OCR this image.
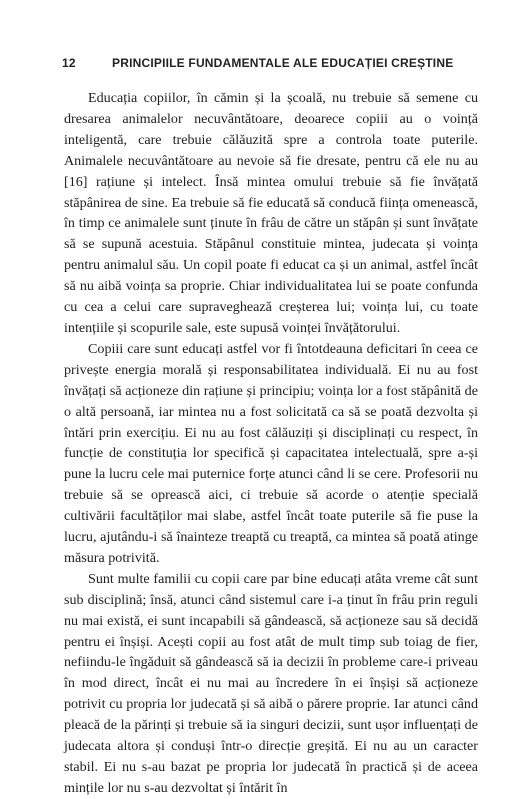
12	PRINCIPIILE FUNDAMENTALE ALE EDUCAȚIEI CREȘTINE

Educația copiilor, în cămin și la școală, nu trebuie să semene cu dresarea animalelor necuvântătoare, deoarece copiii au o voință inteligentă, care trebuie călăuzită spre a controla toate puterile. Animalele necuvântătoare au nevoie să fie dresate, pentru că ele nu au [16] rațiune și intelect. Însă mintea omului trebuie să fie învățată stăpânirea de sine. Ea trebuie să fie educată să conducă ființa omenească, în timp ce animalele sunt ținute în frâu de către un stăpân și sunt învățate să se supună acestuia. Stăpânul constituie mintea, judecata și voința pentru animalul său. Un copil poate fi educat ca și un animal, astfel încât să nu aibă voința sa proprie. Chiar individualitatea lui se poate confunda cu cea a celui care supraveghează creșterea lui; voința lui, cu toate intențiile și scopurile sale, este supusă voinței învățătorului.

Copiii care sunt educați astfel vor fi întotdeauna deficitari în ceea ce privește energia morală și responsabilitatea individuală. Ei nu au fost învățați să acționeze din rațiune și principiu; voința lor a fost stăpânită de o altă persoană, iar mintea nu a fost solicitată ca să se poată dezvolta și întări prin exercițiu. Ei nu au fost călăuziți și disciplinați cu respect, în funcție de constituția lor specifică și capacitatea intelectuală, spre a-și pune la lucru cele mai puternice forțe atunci când li se cere. Profesorii nu trebuie să se oprească aici, ci trebuie să acorde o atenție specială cultivării facultăților mai slabe, astfel încât toate puterile să fie puse la lucru, ajutându-i să înainteze treaptă cu treaptă, ca mintea să poată atinge măsura potrivită.

Sunt multe familii cu copii care par bine educați atâta vreme cât sunt sub disciplină; însă, atunci când sistemul care i-a ținut în frâu prin reguli nu mai există, ei sunt incapabili să gândească, să acționeze sau să decidă pentru ei înșiși. Acești copii au fost atât de mult timp sub toiag de fier, nefiindu-le îngăduit să gândească să ia decizii în probleme care-i priveau în mod direct, încât ei nu mai au încredere în ei înșiși să acționeze potrivit cu propria lor judecată și să aibă o părere proprie. Iar atunci când pleacă de la părinți și trebuie să ia singuri decizii, sunt ușor influențați de judecata altora și conduși într-o direcție greșită. Ei nu au un caracter stabil. Ei nu s-au bazat pe propria lor judecată în practică și de aceea mințile lor nu s-au dezvoltat și întărit în
